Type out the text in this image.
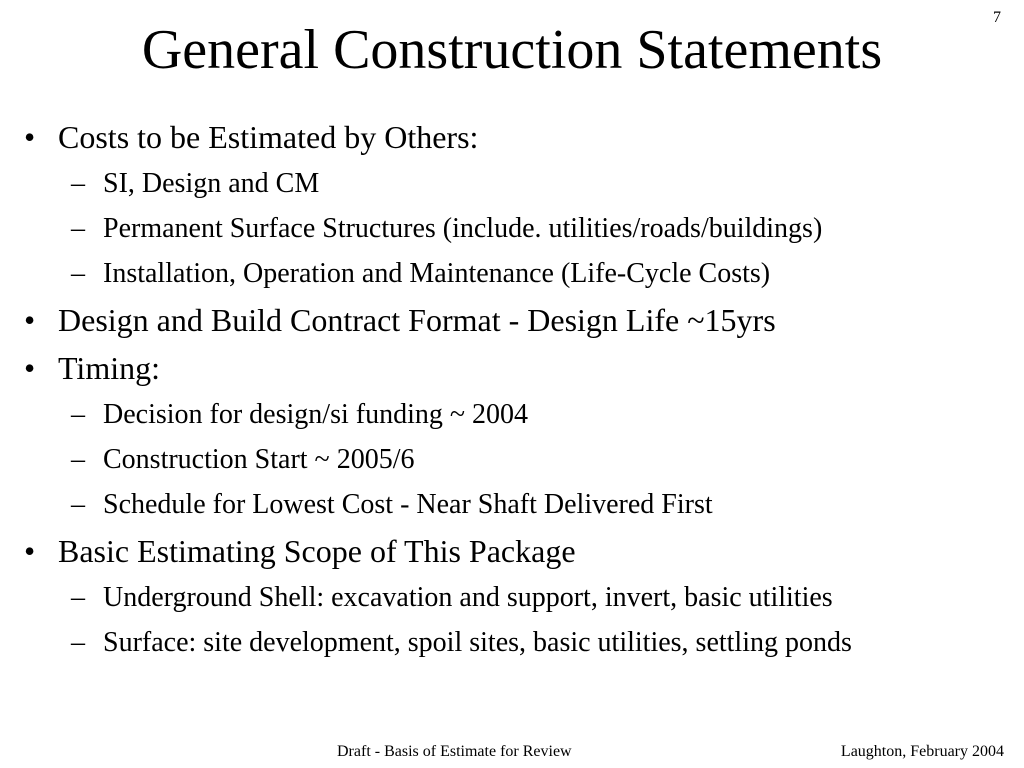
General Construction Statements
7
• Costs to be Estimated by Others:
– SI, Design and CM
– Permanent Surface Structures (include. utilities/roads/buildings)
– Installation, Operation and Maintenance (Life-Cycle Costs)
• Design and Build Contract Format - Design Life ~15yrs
• Timing:
– Decision for design/si funding ~ 2004
– Construction Start ~ 2005/6
– Schedule for Lowest Cost - Near Shaft Delivered First
• Basic Estimating Scope of This Package
– Underground Shell: excavation and support, invert, basic utilities
– Surface: site development, spoil sites, basic utilities, settling ponds
Draft - Basis of Estimate for Review	Laughton, February 2004
